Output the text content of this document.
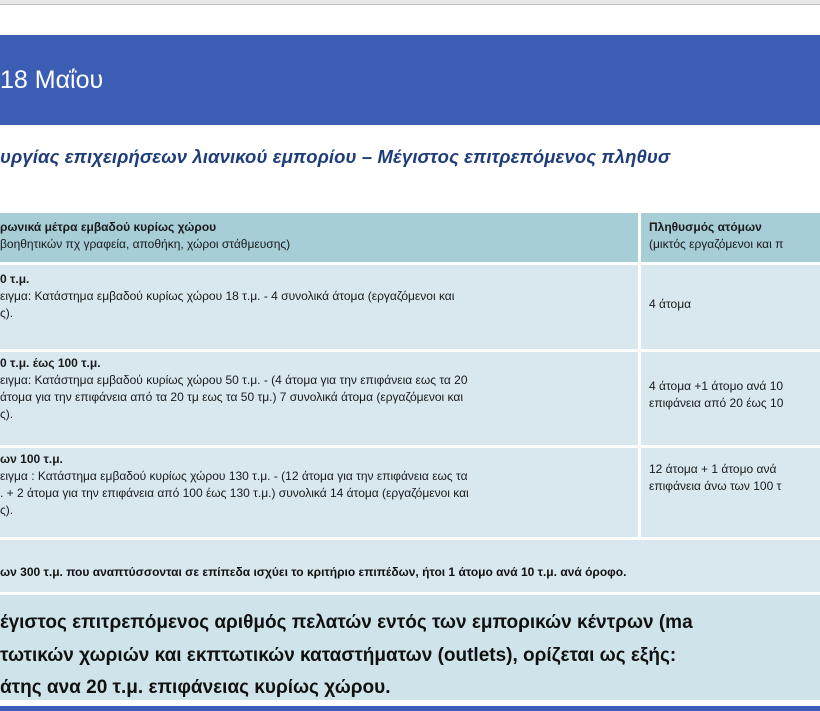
18 Μαΐου
υργίας επιχειρήσεων λιανικού εμπορίου – Μέγιστος επιτρεπόμενος πληθυσ
ρωνικά μέτρα εμβαδού κυρίως χώρου
βοηθητικών πχ γραφεία, αποθήκη, χώροι στάθμευσης)
Πληθυσμός ατόμων
(μικτός εργαζόμενοι και π
0 τ.μ.
ειγμα: Κατάστημα εμβαδού κυρίως χώρου 18 τ.μ. - 4 συνολικά άτομα (εργαζόμενοι και
ς).
4 άτομα
0 τ.μ. έως 100 τ.μ.
ειγμα: Κατάστημα εμβαδού κυρίως χώρου 50 τ.μ. - (4 άτομα για την επιφάνεια εως τα 20
άτομα για την επιφάνεια από τα 20 τμ εως τα 50 τμ.) 7 συνολικά άτομα (εργαζόμενοι και
ς).
4 άτομα +1 άτομο ανά 10
επιφάνεια από 20 έως 10
ων 100 τ.μ.
ειγμα : Κατάστημα εμβαδού κυρίως χώρου 130 τ.μ. - (12 άτομα για την επιφάνεια εως τα
. + 2 άτομα για την επιφάνεια από 100 έως 130 τ.μ.) συνολικά 14 άτομα (εργαζόμενοι και
ς).
12 άτομα + 1 άτομο ανά
επιφάνεια άνω των 100 τ
ων 300 τ.μ. που αναπτύσσονται σε επίπεδα ισχύει το κριτήριο επιπέδων, ήτοι 1 άτομο ανά 10 τ.μ. ανά όροφο.
έγιστος επιτρεπόμενος αριθμός πελατών εντός των εμπορικών κέντρων (ma
τωτικών χωριών και εκπτωτικών καταστήματων (outlets), ορίζεται ως εξής:
άτης ανα 20 τ.μ. επιφάνειας κυρίως χώρου.
